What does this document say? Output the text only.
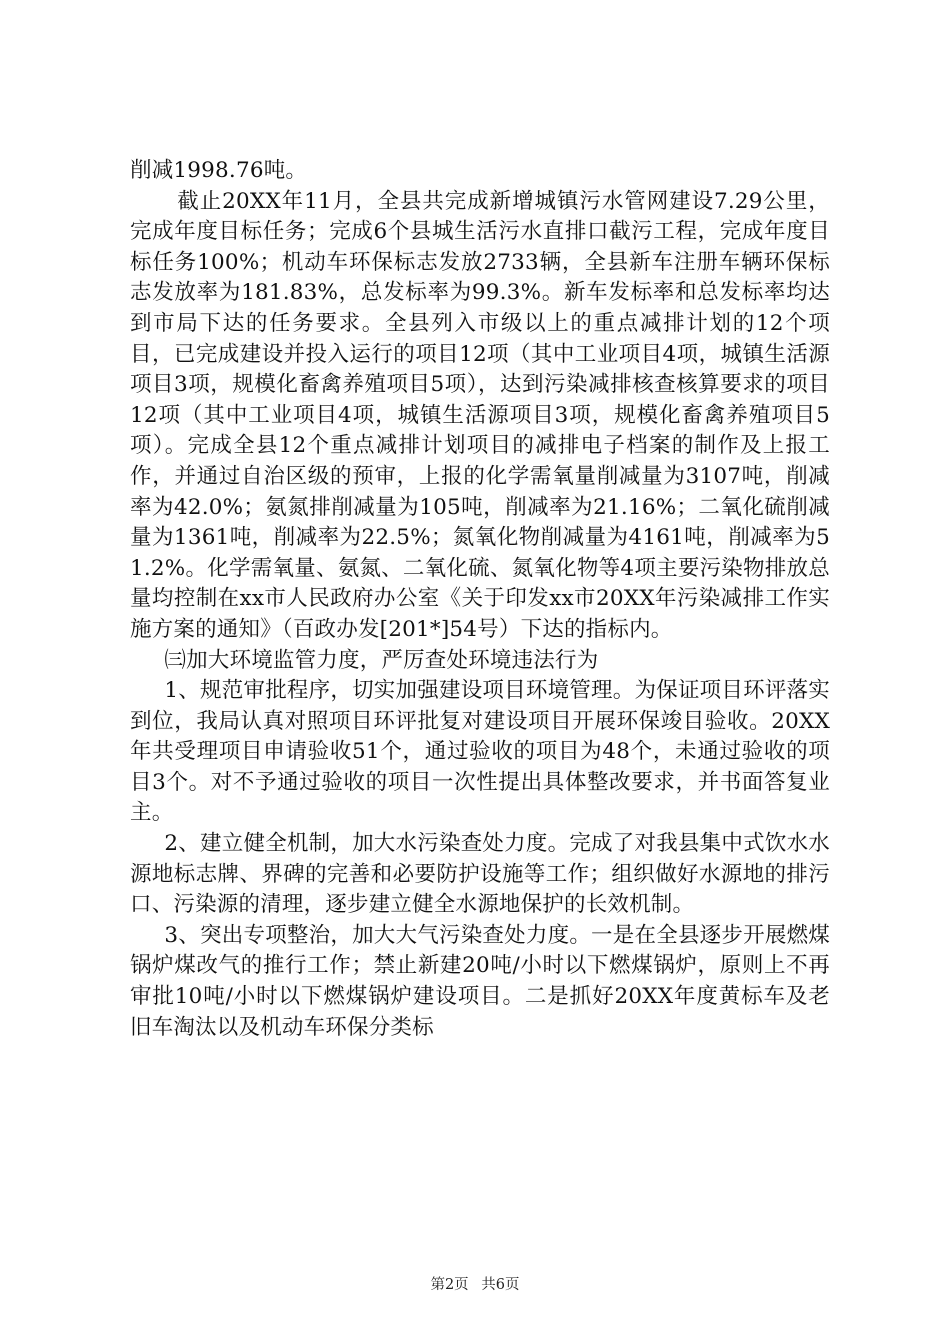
削减1998.76吨。

截止20XX年11月，全县共完成新增城镇污水管网建设7.29公里，完成年度目标任务；完成6个县城生活污水直排口截污工程，完成年度目标任务100%；机动车环保标志发放2733辆，全县新车注册车辆环保标志发放率为181.83%，总发标率为99.3%。新车发标率和总发标率均达到市局下达的任务要求。全县列入市级以上的重点减排计划的12个项目，已完成建设并投入运行的项目12项（其中工业项目4项，城镇生活源项目3项，规模化畜禽养殖项目5项），达到污染减排核查核算要求的项目12项（其中工业项目4项，城镇生活源项目3项，规模化畜禽养殖项目5项）。完成全县12个重点减排计划项目的减排电子档案的制作及上报工作，并通过自治区级的预审，上报的化学需氧量削减量为3107吨，削减率为42.0%；氨氮排削减量为105吨，削减率为21.16%；二氧化硫削减量为1361吨，削减率为22.5%；氮氧化物削减量为4161吨，削减率为51.2%。化学需氧量、氨氮、二氧化硫、氮氧化物等4项主要污染物排放总量均控制在xx市人民政府办公室《关于印发xx市20XX年污染减排工作实施方案的通知》（百政办发[201*]54号）下达的指标内。

㈢加大环境监管力度，严厉查处环境违法行为

1、规范审批程序，切实加强建设项目环境管理。为保证项目环评落实到位，我局认真对照项目环评批复对建设项目开展环保竣目验收。20XX年共受理项目申请验收51个，通过验收的项目为48个，未通过验收的项目3个。对不予通过验收的项目一次性提出具体整改要求，并书面答复业主。

2、建立健全机制，加大水污染查处力度。完成了对我县集中式饮水水源地标志牌、界碑的完善和必要防护设施等工作；组织做好水源地的排污口、污染源的清理，逐步建立健全水源地保护的长效机制。

3、突出专项整治，加大大气污染查处力度。一是在全县逐步开展燃煤锅炉煤改气的推行工作；禁止新建20吨/小时以下燃煤锅炉，原则上不再审批10吨/小时以下燃煤锅炉建设项目。二是抓好20XX年度黄标车及老旧车淘汰以及机动车环保分类标

第2页 共6页
